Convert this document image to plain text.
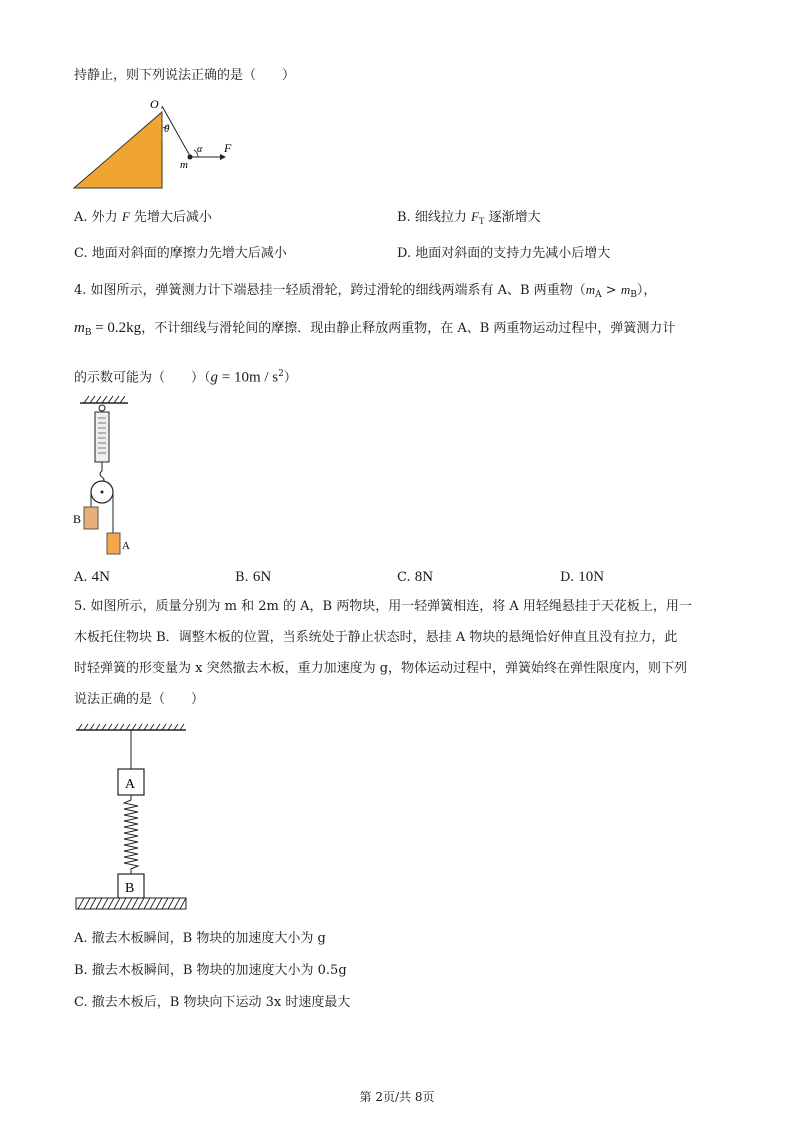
持静止，则下列说法正确的是（　　）
O
θ
α
m
F
A. 外力 F 先增大后减小	B. 细线拉力 $F_T$ 逐渐增大
C. 地面对斜面的摩擦力先增大后减小	D. 地面对斜面的支持力先减小后增大
4. 如图所示，弹簧测力计下端悬挂一轻质滑轮，跨过滑轮的细线两端系有 A、B 两重物$(m_A > m_B)$，
$m_B = 0.2kg$，不计细线与滑轮间的摩擦．现由静止释放两重物，在 A、B 两重物运动过程中，弹簧测力计
的示数可能为（　　）$(g = 10m / s^2)$
B
A
A. 4N	B. 6N	C. 8N	D. 10N
5. 如图所示，质量分别为 m 和 2m 的 A，B 两物块，用一轻弹簧相连，将 A 用轻绳悬挂于天花板上，用一
木板托住物块 B．调整木板的位置，当系统处于静止状态时，悬挂 A 物块的悬绳恰好伸直且没有拉力，此
时轻弹簧的形变量为 x 突然撤去木板，重力加速度为 g，物体运动过程中，弹簧始终在弹性限度内，则下列
说法正确的是（　　）
A
B
A. 撤去木板瞬间，B 物块的加速度大小为 g
B. 撤去木板瞬间，B 物块的加速度大小为 0.5g
C. 撤去木板后，B 物块向下运动 3x 时速度最大
第 2页/共 8页
